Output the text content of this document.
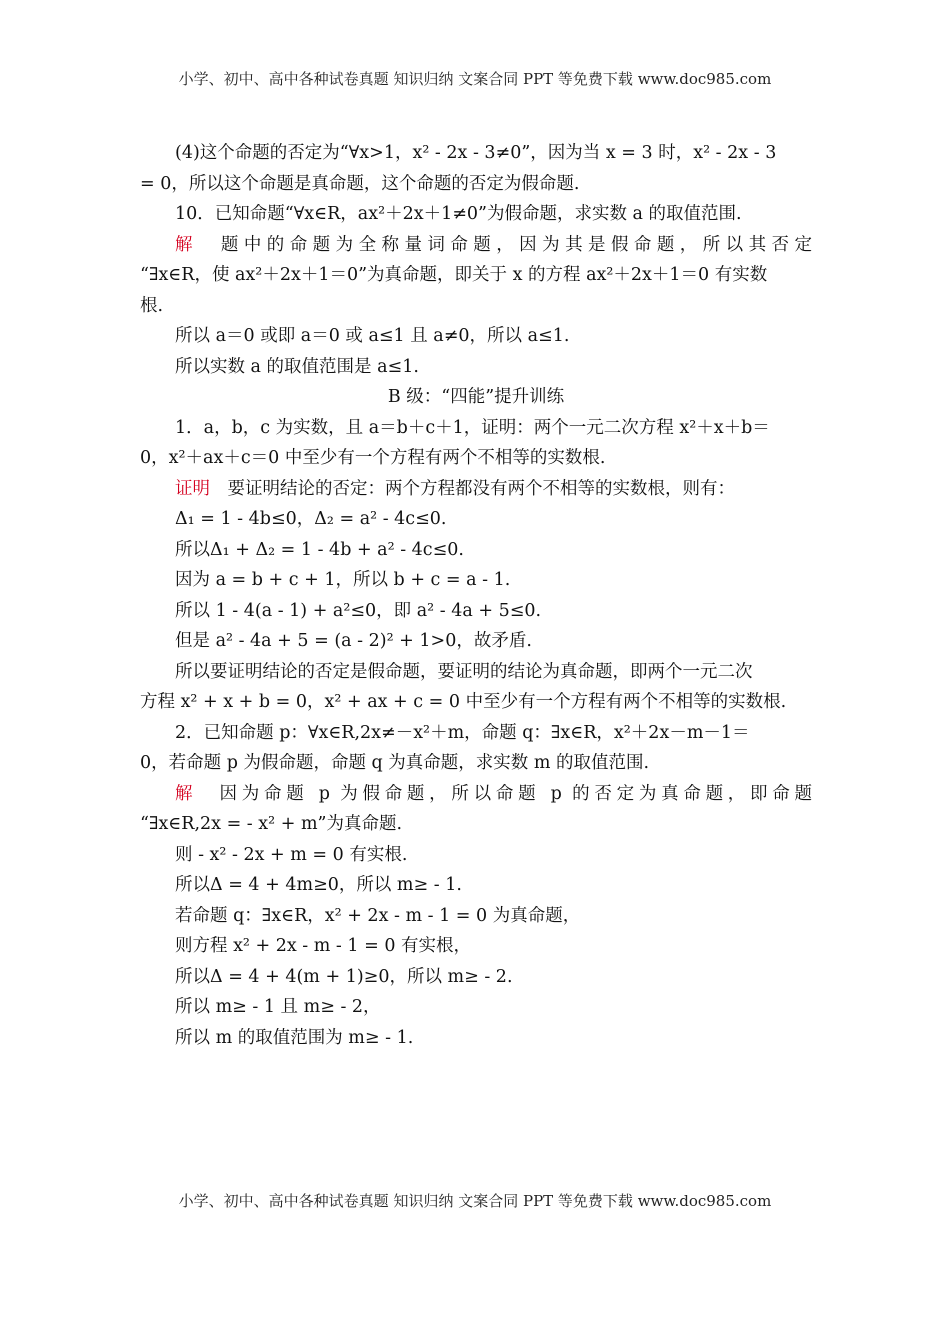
小学、初中、高中各种试卷真题 知识归纳 文案合同 PPT 等免费下载 www.doc985.com
(4)这个命题的否定为“∀x>1，x² - 2x - 3≠0”，因为当 x = 3 时，x² - 2x - 3
= 0，所以这个命题是真命题，这个命题的否定为假命题.
10．已知命题“∀x∈R，ax²＋2x＋1≠0”为假命题，求实数 a 的取值范围.
解　题中的命题为全称量词命题，因为其是假命题，所以其否定
“∃x∈R，使 ax²＋2x＋1＝0”为真命题，即关于 x 的方程 ax²＋2x＋1＝0 有实数
根.
所以 a＝0 或即 a＝0 或 a≤1 且 a≠0，所以 a≤1.
所以实数 a 的取值范围是 a≤1.
B 级：“四能”提升训练
1．a，b，c 为实数，且 a＝b＋c＋1，证明：两个一元二次方程 x²＋x＋b＝
0，x²＋ax＋c＝0 中至少有一个方程有两个不相等的实数根.
证明　要证明结论的否定：两个方程都没有两个不相等的实数根，则有：
Δ₁ = 1 - 4b≤0，Δ₂ = a² - 4c≤0.
所以Δ₁ + Δ₂ = 1 - 4b + a² - 4c≤0.
因为 a = b + c + 1，所以 b + c = a - 1.
所以 1 - 4(a - 1) + a²≤0，即 a² - 4a + 5≤0.
但是 a² - 4a + 5 = (a - 2)² + 1>0，故矛盾.
所以要证明结论的否定是假命题，要证明的结论为真命题，即两个一元二次
方程 x² + x + b = 0，x² + ax + c = 0 中至少有一个方程有两个不相等的实数根.
2．已知命题 p：∀x∈R,2x≠－x²＋m，命题 q：∃x∈R，x²＋2x－m－1＝
0，若命题 p 为假命题，命题 q 为真命题，求实数 m 的取值范围.
解　因为命题 p 为假命题，所以命题 p 的否定为真命题，即命题
“∃x∈R,2x = - x² + m”为真命题.
则 - x² - 2x + m = 0 有实根.
所以Δ = 4 + 4m≥0，所以 m≥ - 1.
若命题 q：∃x∈R，x² + 2x - m - 1 = 0 为真命题，
则方程 x² + 2x - m - 1 = 0 有实根，
所以Δ = 4 + 4(m + 1)≥0，所以 m≥ - 2.
所以 m≥ - 1 且 m≥ - 2，
所以 m 的取值范围为 m≥ - 1.
小学、初中、高中各种试卷真题 知识归纳 文案合同 PPT 等免费下载 www.doc985.com
